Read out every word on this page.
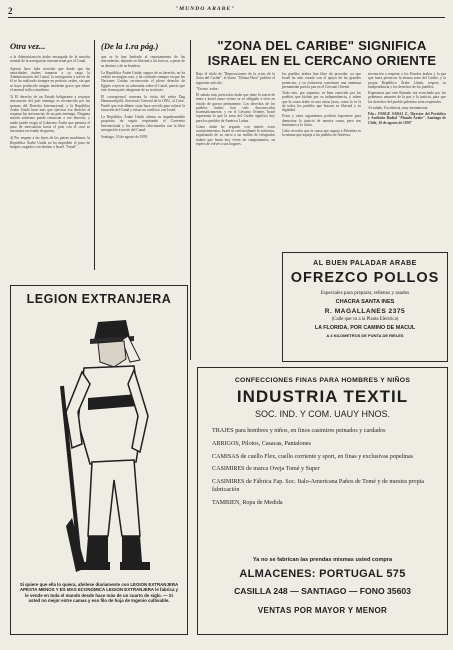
2	"MUNDO ARABE"
Otra vez...

a la Administración árabe encargada de la marcha normal de la navegación internacional por el Canal.

Apenas hace falta recordar que desde que las autoridades árabes tomaron a su cargo la Administración del Canal, la navegación a través de él se ha realizado siempre en perfecto orden, sin que se haya producido ningún incidente grave que altere el normal tráfico marítimo.

3) El derecho de un Estado beligerante a requisar mercancías del país enemigo es reconocido por las normas del Derecho Internacional, y la República Árabe Unida hace más que ejercitar ese derecho al requisar las mercancías de un país enemigo. Ninguna nación soberana puede renunciar a ese derecho, y nadie puede exigir al Gobierno Árabe que permita el paso de mercancías hacia el país con el cual se encuentra en estado de guerra.

4) Por respeto a las leyes de los países marítimos, la República Árabe Unida no ha impedido el paso de buques cargados con destino a Israel. "Israel" ...

(De la 1.ra pág.)

que se le han limitado al requisamiento de las mercaderías, dejando en libertad a los barcos, a pesar de su destino o de su bandera.

La República Árabe Unida, segura de su derecho, no ha cedido en ningún caso, y ha confiado siempre en que las Naciones Unidas reconocerán el pleno derecho de Egipto a ejercer su soberanía sobre el Canal, puesto que este forma parte integrante de su territorio.

El corresponsal comenta la visita del señor Dag Hammarskjöld, Secretario General de la ONU, al Cairo. Puede que este último viaje haya servido para aclarar la situación del Canal y evitar un conflicto con Israel.

La República Árabe Unida afirma su inquebrantable propósito de seguir respetando el Convenio Internacional y los acuerdos relacionados con la libre navegación a través del Canal.

Santiago, 10 de agosto de 1959.

"ZONA DEL CARIBE" SIGNIFICA ISRAEL EN EL CERCANO ORIENTE

Bajo el título de "Repercusiones de la crisis de la Zona del Caribe", el diario "Ultima Hora" publicó el siguiente artículo:

"Excmo. señor:

El saludo más protocolar árabe que tiene la suerte de tener a Israel como vecino se ve obligado a vivir en estado de guerra permanente. Los derechos de los pueblos árabes han sido desconocidos sistemáticamente, y en el Cercano Oriente, Israel representa lo que la zona del Caribe significa hoy para los pueblos de América Latina.

Como árabe he seguido con interés estos acontecimientos. Israel se creó mediante la violencia, expulsando de su tierra a un millón de refugiados árabes que hasta hoy viven en campamentos, en espera de volver a sus hogares.

los pueblos árabes han libre de proceder, ya que Israel ha sido creado con el apoyo de las grandes potencias, y su existencia constituye una amenaza permanente para la paz en el Cercano Oriente.

Todo esto, por supuesto, es bien conocido por los pueblos que luchan por su independencia, y saben que la causa árabe es una causa justa, como lo es la de todos los pueblos que buscan su libertad y su dignidad.

Estos y otros argumentos podrían exponerse para demostrar la justicia de nuestra causa, pero nos limitamos a lo dicho.

Cabe recordar que la causa que aqueja a Palestina es la misma que aqueja a los pueblos de América.

tervención a respetar a los Estados árabes y la paz que fuera preservar la misma zona del Caribe, y la propia República Árabe Unida, respeta su independencia y los derechos de los pueblos.

Esperamos que este llamado sea escuchado por los gobiernos amantes de la paz y la justicia, para que los derechos del pueblo palestino sean respetados.

Al saludo, Excelencia, muy atentamente,

Fdo.: JORGE SABAJ Z., Director del Periódico y Audición Radial "Mundo Árabe". Santiago de Chile, 10 de agosto de 1959"

AL BUEN PALADAR ARABE
OFREZCO POLLOS
Especiales para preparar, rellenos y asados
CHACRA SANTA INES
R. MAGALLANES 2375
(Calle que va a la Planta Eléctrica)
LA FLORIDA, POR CAMINO DE MACUL
A 4 KILOMETROS DE PUNTA DE RIELES
LEGION EXTRANJERA
Si quiere que ella lo quiera, afeitese diariamente con LEGION EXTRANJERA APESTA MENOS Y ES MAS ECONOMICA LEGION EXTRANJERA le fabrica y le vende en toda el mundo desde hace más de un cuarto de siglo. — Si usted no mejor entre camas y eso filo de hoja de Ingenio cultivable.
CONFECCIONES FINAS PARA HOMBRES Y NIÑOS
INDUSTRIA TEXTIL
SOC. IND. Y COM. UAUY HNOS.
TRAJES para hombres y niños, en finos casimires peinados y cardados
ABRIGOS, Pilotos, Casacas, Pantalones
CAMISAS de cuello Flex, cuello corriente y sport, en finas y exclusivas popelinas
CASIMIRES de marca Oveja Tomé y Super
CASIMIRES de Fábrica Fap. Soc. Italo-Americana Paños de Tomé y de nuestra propia fabricación
TAMBIEN, Ropa de Medida
Ya no se fabrican las prendas mismas usted compra
ALMACENES: PORTUGAL 575
CASILLA 248 — SANTIAGO — FONO 35603
VENTAS POR MAYOR Y MENOR
